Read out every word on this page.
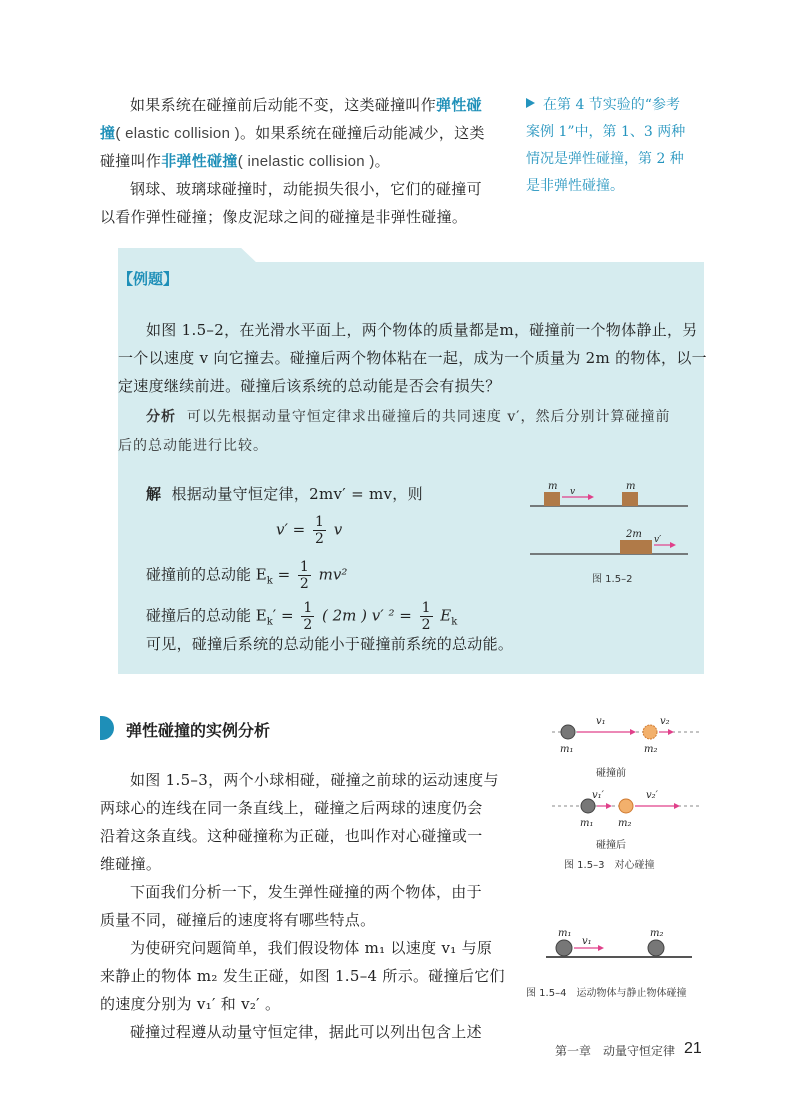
如果系统在碰撞前后动能不变，这类碰撞叫作弹性碰
撞( elastic collision )。如果系统在碰撞后动能减少，这类
碰撞叫作非弹性碰撞( inelastic collision )。
钢球、玻璃球碰撞时，动能损失很小，它们的碰撞可
以看作弹性碰撞；像皮泥球之间的碰撞是非弹性碰撞。
在第 4 节实验的“参考
案例 1”中，第 1、3 两种
情况是弹性碰撞，第 2 种
是非弹性碰撞。
【例题】
如图 1.5–2，在光滑水平面上，两个物体的质量都是m，碰撞前一个物体静止，另
一个以速度 v 向它撞去。碰撞后两个物体粘在一起，成为一个质量为 2m 的物体，以一
定速度继续前进。碰撞后该系统的总动能是否会有损失？
分析 可以先根据动量守恒定律求出碰撞后的共同速度 v′，然后分别计算碰撞前
后的总动能进行比较。
解 根据动量守恒定律，2mv′ = mv，则
$v' = \frac{1}{2}$ v
碰撞前的总动能 $E_k = \frac{1}{2} mv^2$
碰撞后的总动能 $E_k' = \frac{1}{2}$ ( 2m ) v′ $^2 = \frac{1}{2} E_k$
可见，碰撞后系统的总动能小于碰撞前系统的总动能。
m	m
v
2m v′
图 1.5–2
弹性碰撞的实例分析
如图 1.5–3，两个小球相碰，碰撞之前球的运动速度与
两球心的连线在同一条直线上，碰撞之后两球的速度仍会
沿着这条直线。这种碰撞称为正碰，也叫作对心碰撞或一
维碰撞。
下面我们分析一下，发生弹性碰撞的两个物体，由于
质量不同，碰撞后的速度将有哪些特点。
为使研究问题简单，我们假设物体 m₁ 以速度 v₁ 与原
来静止的物体 m₂ 发生正碰，如图 1.5–4 所示。碰撞后它们
的速度分别为 v₁′ 和 v₂′ 。
碰撞过程遵从动量守恒定律，据此可以列出包含上述
v₁	v₂
m₁	m₂
碰撞前
v₁′	v₂′
m₁ m₂
碰撞后
图 1.5–3　对心碰撞
m₁
v₁
m₂
图 1.5–4　运动物体与静止物体碰撞
第一章　动量守恒定律 21
